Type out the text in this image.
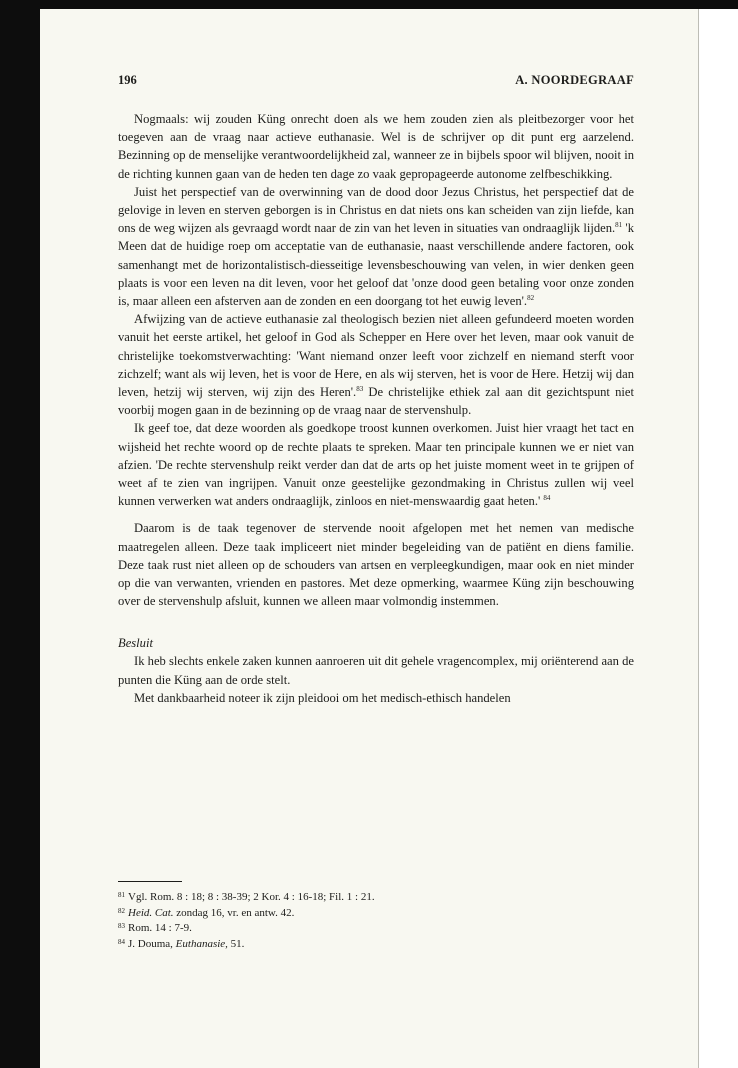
196	A. NOORDEGRAAF

Nogmaals: wij zouden Küng onrecht doen als we hem zouden zien als pleitbezorger voor het toegeven aan de vraag naar actieve euthanasie. Wel is de schrijver op dit punt erg aarzelend. Bezinning op de menselijke verantwoordelijkheid zal, wanneer ze in bijbels spoor wil blijven, nooit in de richting kunnen gaan van de heden ten dage zo vaak gepropageerde autonome zelfbeschikking.

Juist het perspectief van de overwinning van de dood door Jezus Christus, het perspectief dat de gelovige in leven en sterven geborgen is in Christus en dat niets ons kan scheiden van zijn liefde, kan ons de weg wijzen als gevraagd wordt naar de zin van het leven in situaties van ondraaglijk lijden.$^{81}$ 'k Meen dat de huidige roep om acceptatie van de euthanasie, naast verschillende andere factoren, ook samenhangt met de horizontalistisch-diesseitige levensbeschouwing van velen, in wier denken geen plaats is voor een leven na dit leven, voor het geloof dat 'onze dood geen betaling voor onze zonden is, maar alleen een afsterven aan de zonden en een doorgang tot het euwig leven'.$^{82}$

Afwijzing van de actieve euthanasie zal theologisch bezien niet alleen gefundeerd moeten worden vanuit het eerste artikel, het geloof in God als Schepper en Here over het leven, maar ook vanuit de christelijke toekomstverwachting: 'Want niemand onzer leeft voor zichzelf en niemand sterft voor zichzelf; want als wij leven, het is voor de Here, en als wij sterven, het is voor de Here. Hetzij wij dan leven, hetzij wij sterven, wij zijn des Heren'.$^{83}$ De christelijke ethiek zal aan dit gezichtspunt niet voorbij mogen gaan in de bezinning op de vraag naar de stervenshulp.

Ik geef toe, dat deze woorden als goedkope troost kunnen overkomen. Juist hier vraagt het tact en wijsheid het rechte woord op de rechte plaats te spreken. Maar ten principale kunnen we er niet van afzien. 'De rechte stervenshulp reikt verder dan dat de arts op het juiste moment weet in te grijpen of weet af te zien van ingrijpen. Vanuit onze geestelijke gezondmaking in Christus zullen wij veel kunnen verwerken wat anders ondraaglijk, zinloos en niet-menswaardig gaat heten.' $^{84}$

Daarom is de taak tegenover de stervende nooit afgelopen met het nemen van medische maatregelen alleen. Deze taak impliceert niet minder begeleiding van de patiënt en diens familie. Deze taak rust niet alleen op de schouders van artsen en verpleegkundigen, maar ook en niet minder op die van verwanten, vrienden en pastores. Met deze opmerking, waarmee Küng zijn beschouwing over de stervenshulp afsluit, kunnen we alleen maar volmondig instemmen.

Besluit

Ik heb slechts enkele zaken kunnen aanroeren uit dit gehele vragencomplex, mij oriënterend aan de punten die Küng aan de orde stelt.

Met dankbaarheid noteer ik zijn pleidooi om het medisch-ethisch handelen

$^{81}$ Vgl. Rom. 8 : 18; 8 : 38-39; 2 Kor. 4 : 16-18; Fil. 1 : 21.
$^{82}$ Heid. Cat. zondag 16, vr. en antw. 42.
$^{83}$ Rom. 14 : 7-9.
$^{84}$ J. Douma, Euthanasie, 51.
